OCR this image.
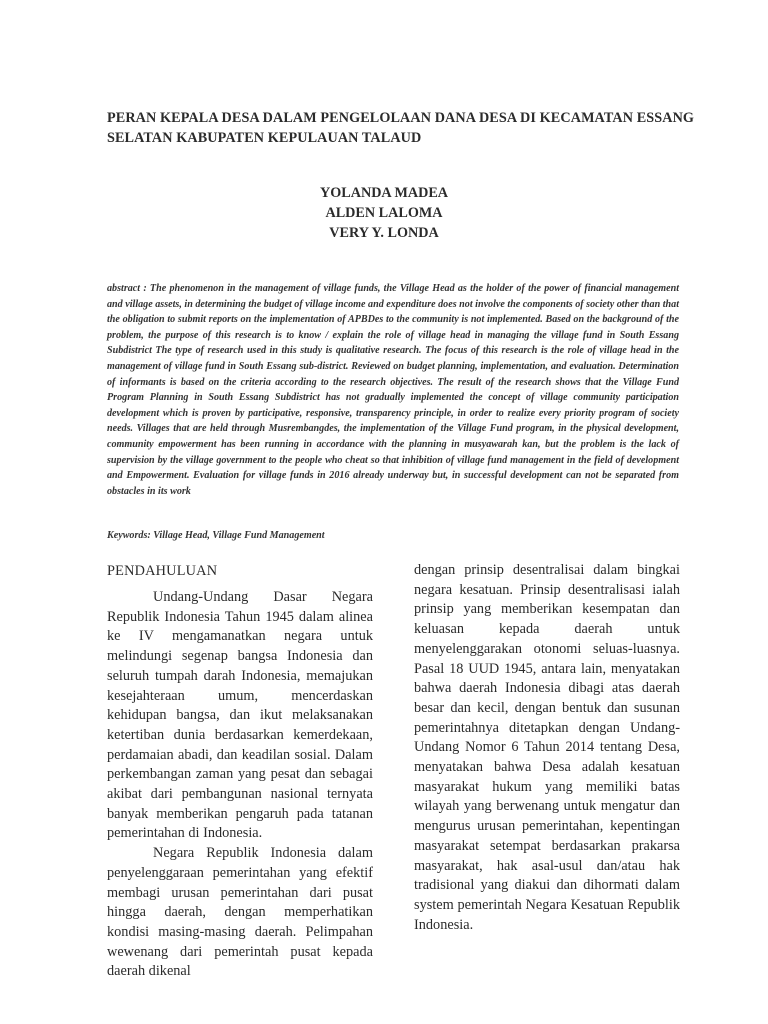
PERAN KEPALA DESA DALAM PENGELOLAAN DANA DESA DI KECAMATAN ESSANG
SELATAN KABUPATEN KEPULAUAN TALAUD
YOLANDA MADEA
ALDEN LALOMA
VERY Y. LONDA
abstract : The phenomenon in the management of village funds, the Village Head as the holder of the power of financial management and village assets, in determining the budget of village income and expenditure does not involve the components of society other than that the obligation to submit reports on the implementation of APBDes to the community is not implemented. Based on the background of the problem, the purpose of this research is to know / explain the role of village head in managing the village fund in South Essang Subdistrict The type of research used in this study is qualitative research. The focus of this research is the role of village head in the management of village fund in South Essang sub-district. Reviewed on budget planning, implementation, and evaluation. Determination of informants is based on the criteria according to the research objectives. The result of the research shows that the Village Fund Program Planning in South Essang Subdistrict has not gradually implemented the concept of village community participation development which is proven by participative, responsive, transparency principle, in order to realize every priority program of society needs. Villages that are held through Musrembangdes, the implementation of the Village Fund program, in the physical development, community empowerment has been running in accordance with the planning in musyawarah kan, but the problem is the lack of supervision by the village government to the people who cheat so that inhibition of village fund management in the field of development and Empowerment. Evaluation for village funds in 2016 already underway but, in successful development can not be separated from obstacles in its work
Keywords: Village Head, Village Fund Management
PENDAHULUAN

Undang-Undang Dasar Negara Republik Indonesia Tahun 1945 dalam alinea ke IV mengamanatkan negara untuk melindungi segenap bangsa Indonesia dan seluruh tumpah darah Indonesia, memajukan kesejahteraan umum, mencerdaskan kehidupan bangsa, dan ikut melaksanakan ketertiban dunia berdasarkan kemerdekaan, perdamaian abadi, dan keadilan sosial. Dalam perkembangan zaman yang pesat dan sebagai akibat dari pembangunan nasional ternyata banyak memberikan pengaruh pada tatanan pemerintahan di Indonesia.

Negara Republik Indonesia dalam penyelenggaraan pemerintahan yang efektif membagi urusan pemerintahan dari pusat hingga daerah, dengan memperhatikan kondisi masing-masing daerah. Pelimpahan wewenang dari pemerintah pusat kepada daerah dikenal

dengan prinsip desentralisai dalam bingkai negara kesatuan. Prinsip desentralisasi ialah prinsip yang memberikan kesempatan dan keluasan kepada daerah untuk menyelenggarakan otonomi seluas-luasnya. Pasal 18 UUD 1945, antara lain, menyatakan bahwa daerah Indonesia dibagi atas daerah besar dan kecil, dengan bentuk dan susunan pemerintahnya ditetapkan dengan Undang-Undang Nomor 6 Tahun 2014 tentang Desa, menyatakan bahwa Desa adalah kesatuan masyarakat hukum yang memiliki batas wilayah yang berwenang untuk mengatur dan mengurus urusan pemerintahan, kepentingan masyarakat setempat berdasarkan prakarsa masyarakat, hak asal-usul dan/atau hak tradisional yang diakui dan dihormati dalam system pemerintah Negara Kesatuan Republik Indonesia.
